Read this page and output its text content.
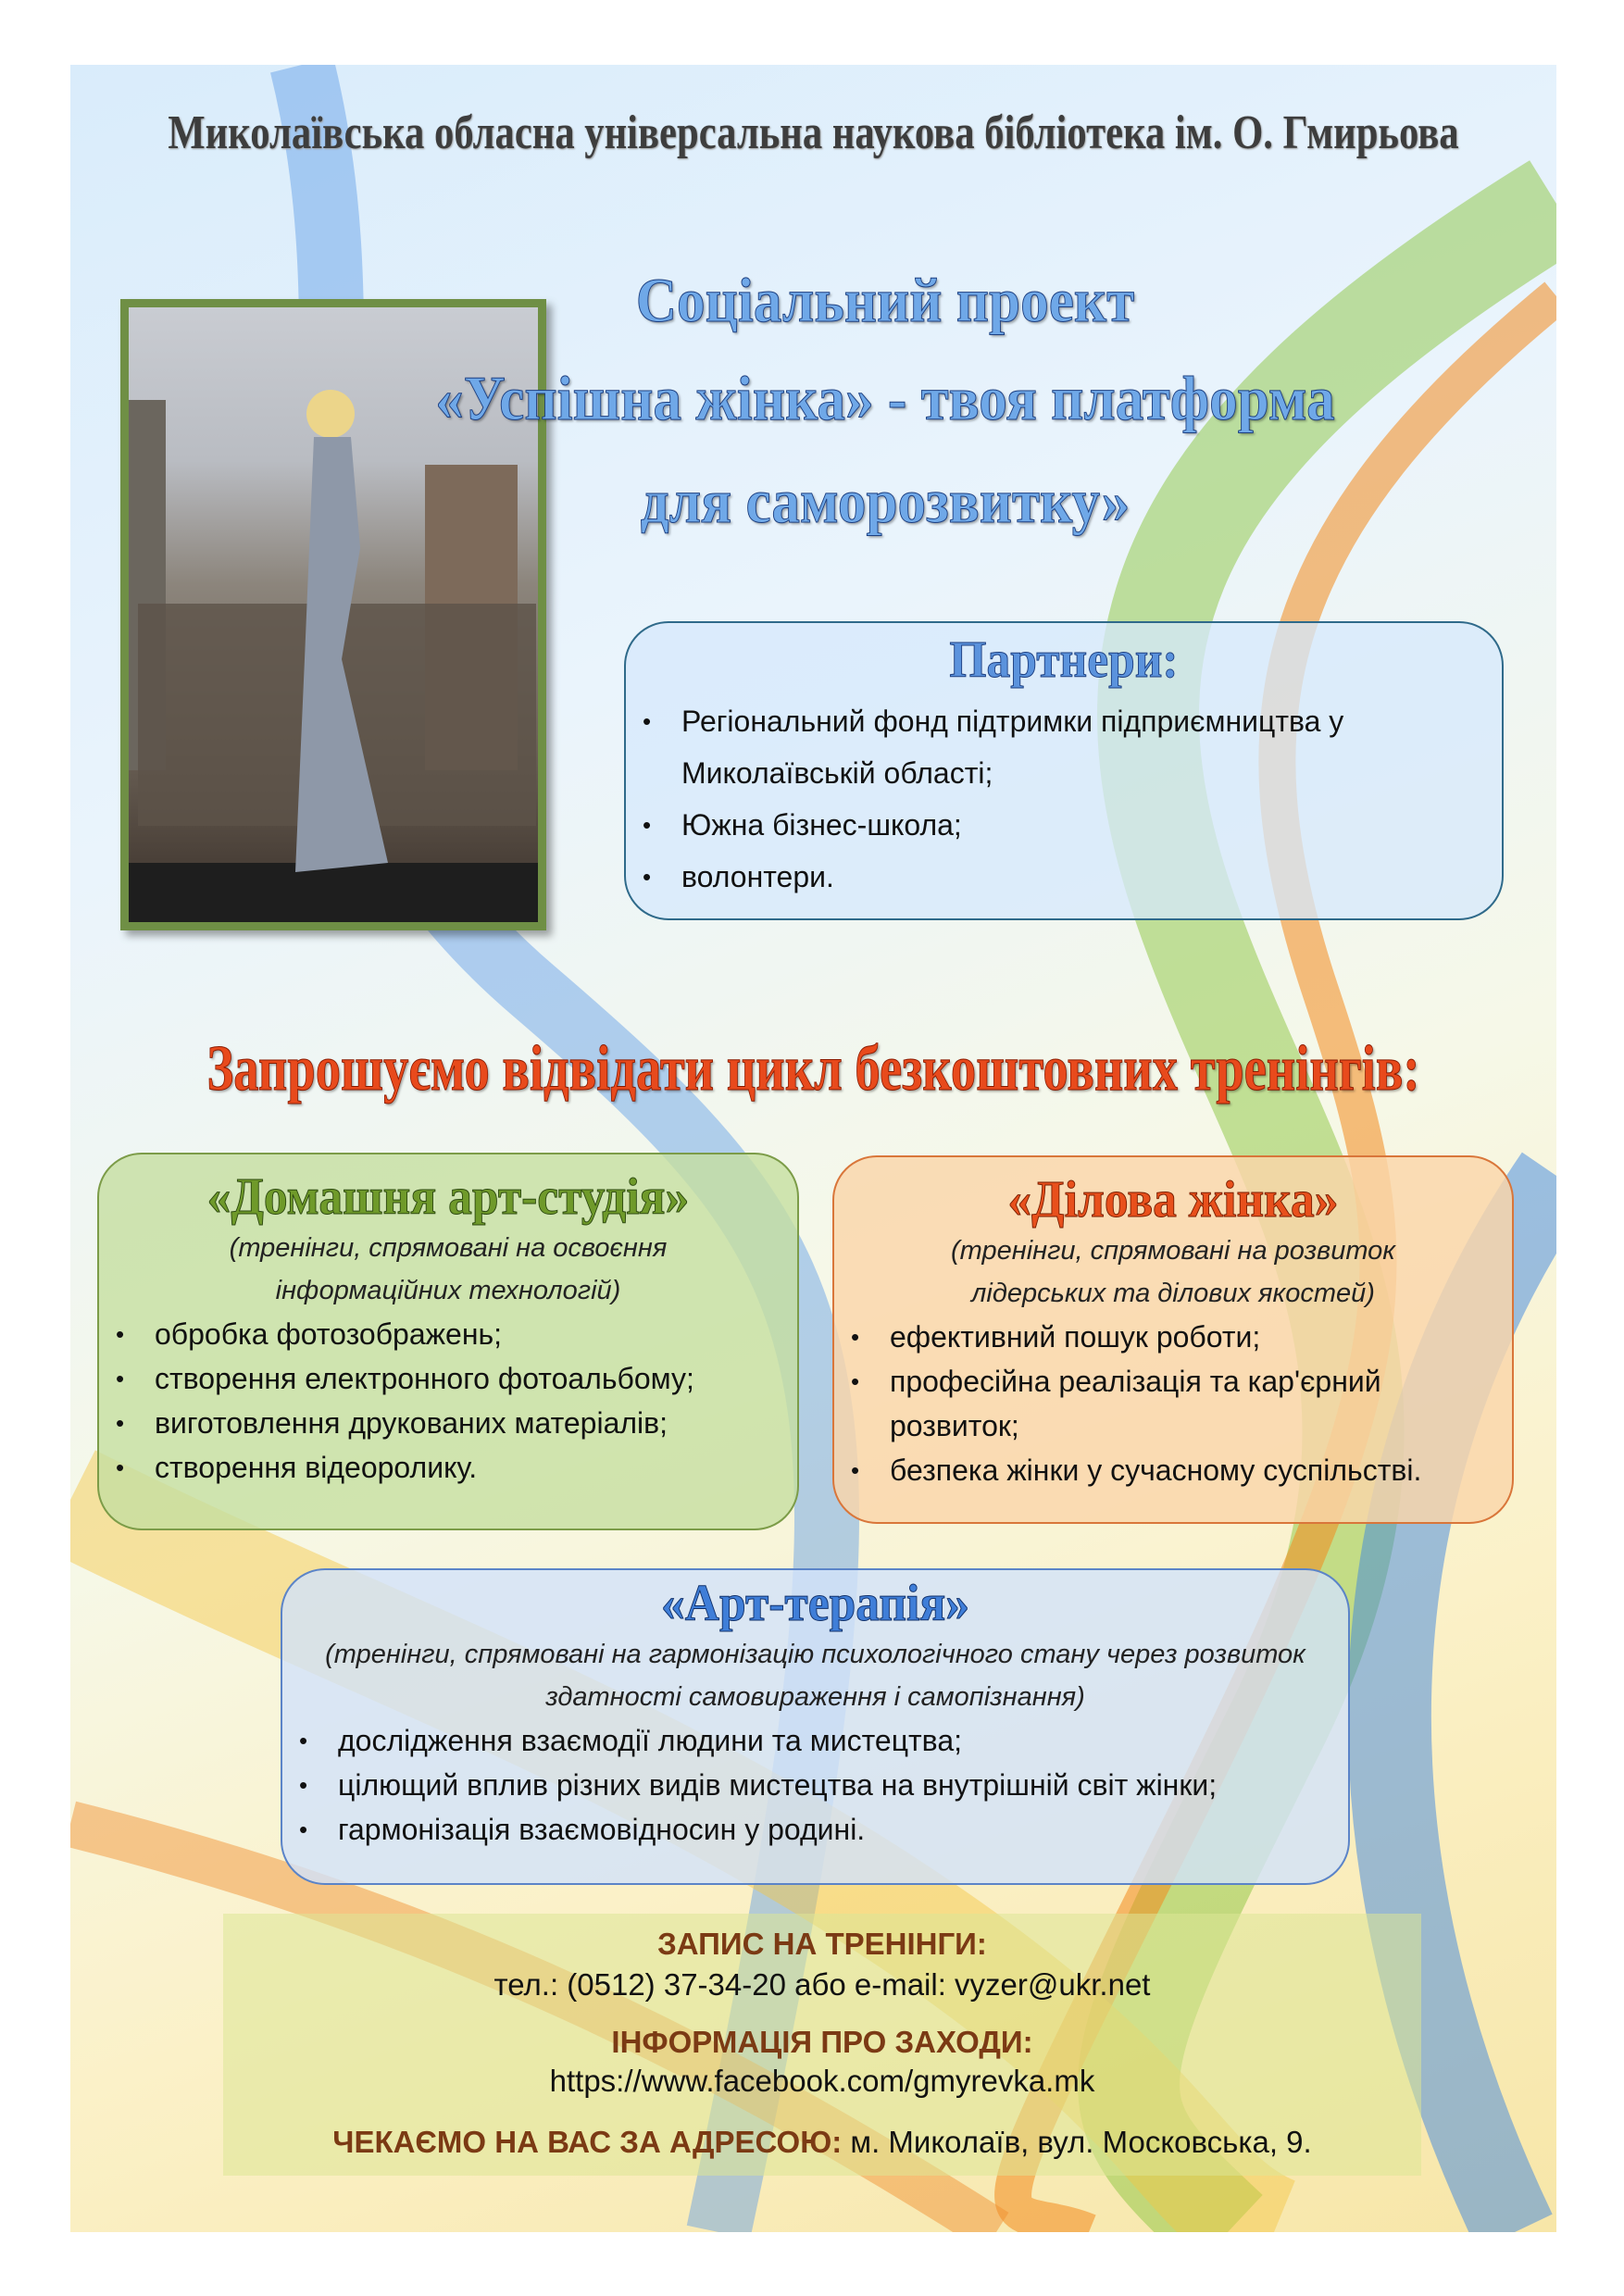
Миколаївська обласна універсальна наукова бібліотека ім. О. Гмирьова
Соціальний проект
«Успішна жінка» - твоя платформа
для саморозвитку»
Партнери:
• Регіональний фонд підтримки підприємництва у Миколаївській області;
• Южна бізнес-школа;
• волонтери.
Запрошуємо відвідати цикл безкоштовних тренінгів:
«Домашня арт-студія»
(тренінги, спрямовані на освоєння інформаційних технологій)
• обробка фотозображень;
• створення електронного фотоальбому;
• виготовлення друкованих матеріалів;
• створення відеоролику.
«Ділова жінка»
(тренінги, спрямовані на розвиток лідерських та ділових якостей)
• ефективний пошук роботи;
• професійна реалізація та кар'єрний розвиток;
• безпека жінки у сучасному суспільстві.
«Арт-терапія»
(тренінги, спрямовані на гармонізацію психологічного стану через розвиток здатності самовираження і самопізнання)
• дослідження взаємодії людини та мистецтва;
• цілющий вплив різних видів мистецтва на внутрішній світ жінки;
• гармонізація взаємовідносин у родині.
ЗАПИС НА ТРЕНІНГИ:
тел.: (0512) 37-34-20 або e-mail: vyzer@ukr.net
ІНФОРМАЦІЯ ПРО ЗАХОДИ:
https://www.facebook.com/gmyrevka.mk
ЧЕКАЄМО НА ВАС ЗА АДРЕСОЮ: м. Миколаїв, вул. Московська, 9.
